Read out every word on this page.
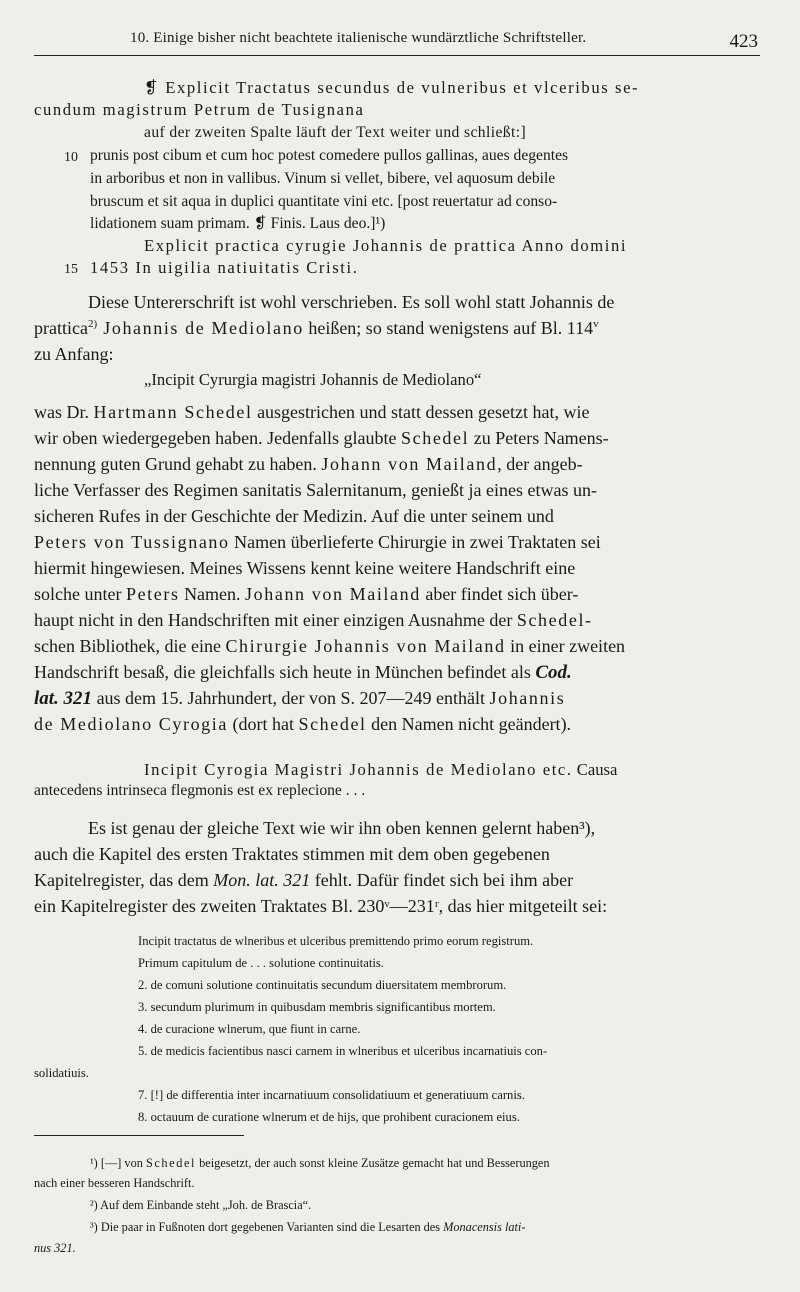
10. Einige bisher nicht beachtete italienische wundärztliche Schriftsteller.	423
❡ Explicit Tractatus secundus de vulneribus et vlceribus se-
cundum magistrum Petrum de Tusignana
auf der zweiten Spalte läuft der Text weiter und schließt:]
10 prunis post cibum et cum hoc potest comedere pullos gallinas, aues degentes
in arboribus et non in vallibus. Vinum si vellet, bibere, vel aquosum debile
bruscum et sit aqua in duplici quantitate vini etc. [post reuertatur ad conso-
lidationem suam primam. ❡ Finis. Laus deo.]¹)
Explicit practica cyrugie Johannis de prattica Anno domini
15 1453 In uigilia natiuitatis Cristi.
Diese Untererschrift ist wohl verschrieben. Es soll wohl statt Johannis de
prattica$^{2)}$ Johannis de Mediolano heißen; so stand wenigstens auf Bl. 114$^v$
zu Anfang:
„Incipit Cyrurgia magistri Johannis de Mediolano“
was Dr. Hartmann Schedel ausgestrichen und statt dessen gesetzt hat, wie
wir oben wiedergegeben haben. Jedenfalls glaubte Schedel zu Peters Namens-
nennung guten Grund gehabt zu haben. Johann von Mailand, der angeb-
liche Verfasser des Regimen sanitatis Salernitanum, genießt ja eines etwas un-
sicheren Rufes in der Geschichte der Medizin. Auf die unter seinem und
Peters von Tussignano Namen überlieferte Chirurgie in zwei Traktaten sei
hiermit hingewiesen. Meines Wissens kennt keine weitere Handschrift eine
solche unter Peters Namen. Johann von Mailand aber findet sich über-
haupt nicht in den Handschriften mit einer einzigen Ausnahme der Schedel-
schen Bibliothek, die eine Chirurgie Johannis von Mailand in einer zweiten
Handschrift besaß, die gleichfalls sich heute in München befindet als Cod.
lat. 321 aus dem 15. Jahrhundert, der von S. 207—249 enthält Johannis
de Mediolano Cyrogia (dort hat Schedel den Namen nicht geändert).
Incipit Cyrogia Magistri Johannis de Mediolano etc. Causa
antecedens intrinseca flegmonis est ex replecione . . .
Es ist genau der gleiche Text wie wir ihn oben kennen gelernt haben³),
auch die Kapitel des ersten Traktates stimmen mit dem oben gegebenen
Kapitelregister, das dem Mon. lat. 321 fehlt. Dafür findet sich bei ihm aber
ein Kapitelregister des zweiten Traktates Bl. 230ᵛ—231ʳ, das hier mitgeteilt sei:
Incipit tractatus de wlneribus et ulceribus premittendo primo eorum registrum.
Primum capitulum de . . . solutione continuitatis.
2. de comuni solutione continuitatis secundum diuersitatem membrorum.
3. secundum plurimum in quibusdam membris significantibus mortem.
4. de curacione wlnerum, que fiunt in carne.
5. de medicis facientibus nasci carnem in wlneribus et ulceribus incarnatiuis con-
solidatiuis.
7. [!] de differentia inter incarnatiuum consolidatiuum et generatiuum carnis.
8. octauum de curatione wlnerum et de hijs, que prohibent curacionem eius.
¹) [—] von Schedel beigesetzt, der auch sonst kleine Zusätze gemacht hat und Besserungen
nach einer besseren Handschrift.
²) Auf dem Einbande steht „Joh. de Brascia“.
³) Die paar in Fußnoten dort gegebenen Varianten sind die Lesarten des Monacensis lati-
nus 321.
